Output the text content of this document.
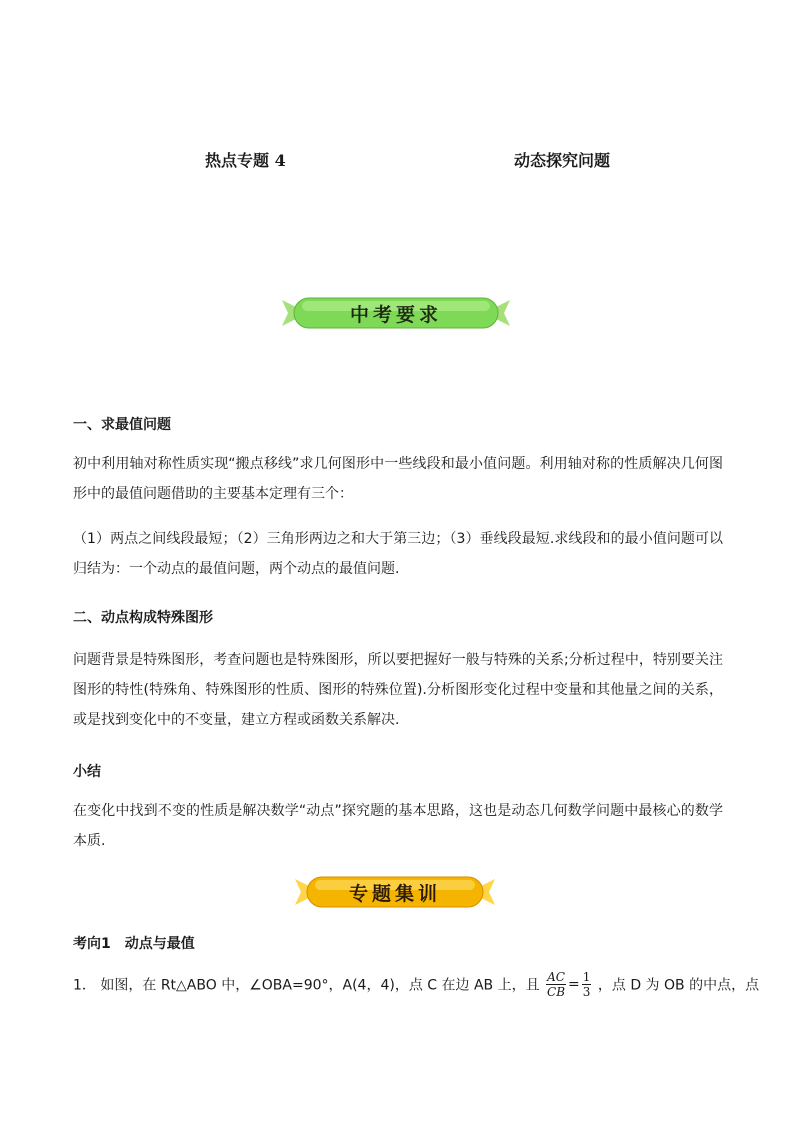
热点专题 4	动态探究问题
中考要求
一、求最值问题
初中利用轴对称性质实现“搬点移线”求几何图形中一些线段和最小值问题。利用轴对称的性质解决几何图形中的最值问题借助的主要基本定理有三个：
（1）两点之间线段最短；（2）三角形两边之和大于第三边；（3）垂线段最短.求线段和的最小值问题可以归结为：一个动点的最值问题，两个动点的最值问题.
二、动点构成特殊图形
问题背景是特殊图形，考查问题也是特殊图形，所以要把握好一般与特殊的关系;分析过程中，特别要关注图形的特性(特殊角、特殊图形的性质、图形的特殊位置).分析图形变化过程中变量和其他量之间的关系，或是找到变化中的不变量，建立方程或函数关系解决.
小结
在变化中找到不变的性质是解决数学“动点”探究题的基本思路，这也是动态几何数学问题中最核心的数学本质.
专题集训
考向1　动点与最值
1． 如图，在 Rt△ABO 中，∠OBA=90°，A(4，4)，点 C 在边 AB 上，且 $\frac{AC}{CB} = \frac{1}{3}$ ，点 D 为 OB 的中点，点
